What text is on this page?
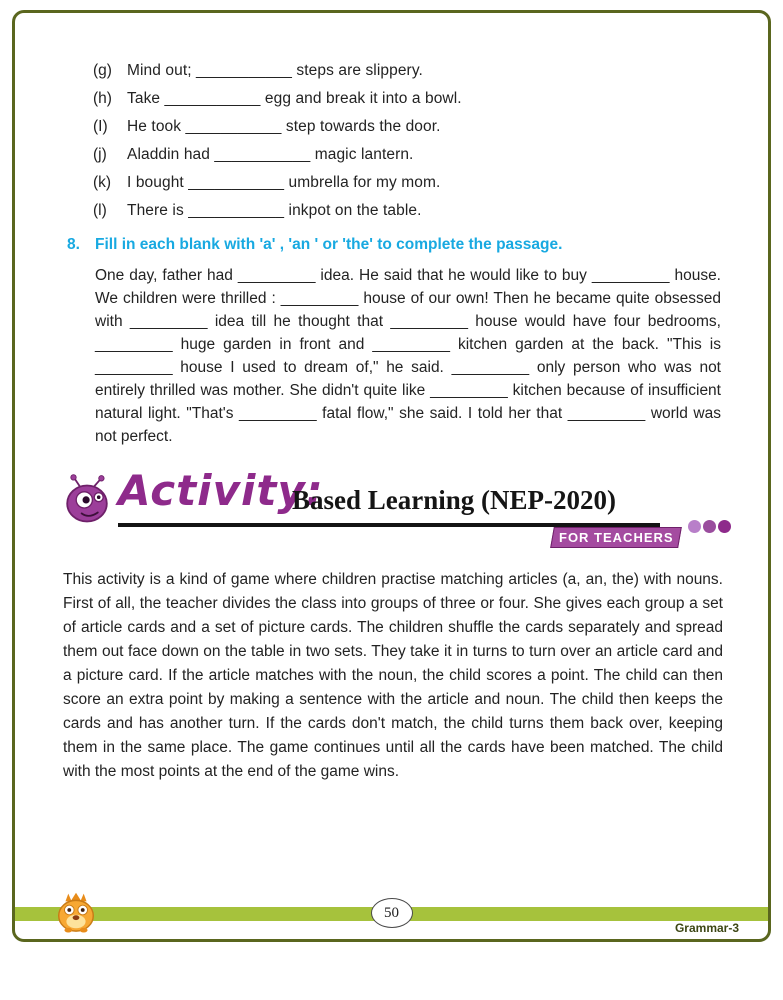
(g) Mind out; ___________ steps are slippery.
(h) Take ___________ egg and break it into a bowl.
(I)	He took ___________ step towards the door.
(j)	Aladdin had ___________ magic lantern.
(k)	I bought ___________ umbrella for my mom.
(l)	There is ___________ inkpot on the table.
8. Fill in each blank with 'a' , 'an ' or 'the' to complete the passage.

One day, father had _________ idea. He said that he would like to buy _________ house. We children were thrilled : _________ house of our own! Then he became quite obsessed with _________ idea till he thought that _________ house would have four bedrooms, _________ huge garden in front and _________ kitchen garden at the back. "This is _________ house I used to dream of," he said. _________ only person who was not entirely thrilled was mother. She didn't quite like _________ kitchen because of insufficient natural light. "That's _________ fatal flow," she said. I told her that _________ world was not perfect.

Activity:
Based Learning (NEP-2020)
FOR TEACHERS

This activity is a kind of game where children practise matching articles (a, an, the) with nouns. First of all, the teacher divides the class into groups of three or four. She gives each group a set of article cards and a set of picture cards. The children shuffle the cards separately and spread them out face down on the table in two sets. They take it in turns to turn over an article card and a picture card. If the article matches with the noun, the child scores a point. The child can then score an extra point by making a sentence with the article and noun. The child then keeps the cards and has another turn. If the cards don't match, the child turns them back over, keeping them in the same place. The game continues until all the cards have been matched. The child with the most points at the end of the game wins.

50
Grammar-3
